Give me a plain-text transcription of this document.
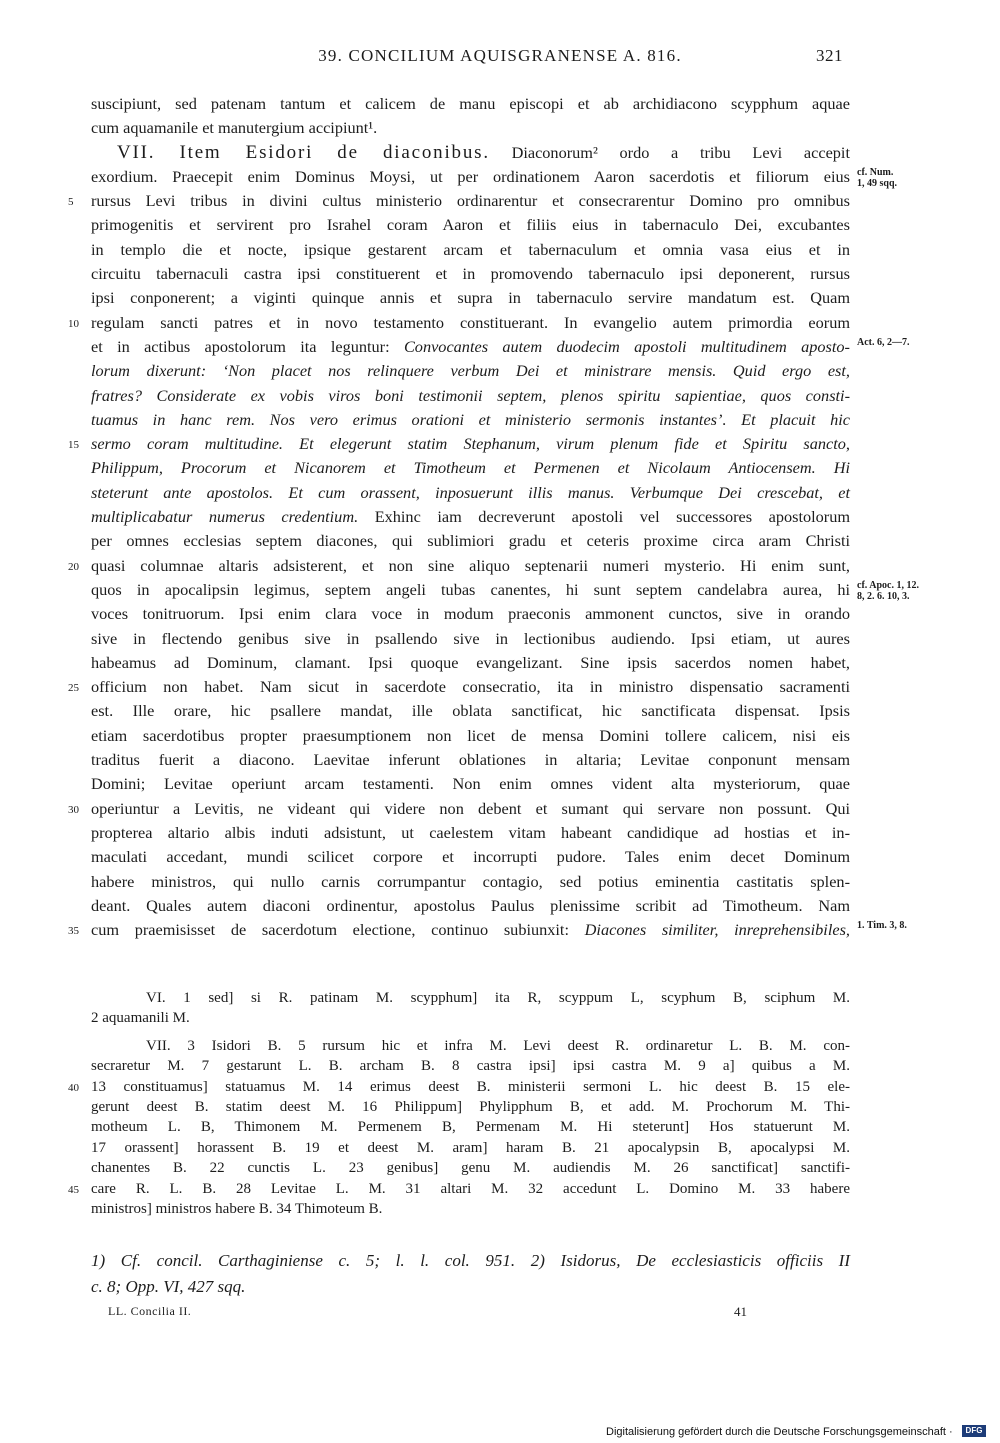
39. CONCILIUM AQUISGRANENSE A. 816.	321
suscipiunt, sed patenam tantum et calicem de manu episcopi et ab archidiacono scypphum aquae
cum aquamanile et manutergium accipiunt¹.
VII. Item Esidori de diaconibus. Diaconorum² ordo a tribu Levi accepit
exordium. Praecepit enim Dominus Moysi, ut per ordinationem Aaron sacerdotis et filiorum eius
5 rursus Levi tribus in divini cultus ministerio ordinarentur et consecrarentur Domino pro omnibus
primogenitis et servirent pro Israhel coram Aaron et filiis eius in tabernaculo Dei, excubantes
in templo die et nocte, ipsique gestarent arcam et tabernaculum et omnia vasa eius et in
circuitu tabernaculi castra ipsi constituerent et in promovendo tabernaculo ipsi deponerent, rursus
ipsi conponerent; a viginti quinque annis et supra in tabernaculo servire mandatum est. Quam
10 regulam sancti patres et in novo testamento constituerant. In evangelio autem primordia eorum
et in actibus apostolorum ita leguntur: Convocantes autem duodecim apostoli multitudinem aposto-
lorum dixerunt: ‘Non placet nos relinquere verbum Dei et ministrare mensis. Quid ergo est,
fratres? Considerate ex vobis viros boni testimonii septem, plenos spiritu sapientiae, quos consti-
tuamus in hanc rem. Nos vero erimus orationi et ministerio sermonis instantes’. Et placuit hic
15 sermo coram multitudine. Et elegerunt statim Stephanum, virum plenum fide et Spiritu sancto,
Philippum, Procorum et Nicanorem et Timotheum et Permenen et Nicolaum Antiocensem. Hi
steterunt ante apostolos. Et cum orassent, inposuerunt illis manus. Verbumque Dei crescebat, et
multiplicabatur numerus credentium. Exhinc iam decreverunt apostoli vel successores apostolorum
per omnes ecclesias septem diacones, qui sublimiori gradu et ceteris proxime circa aram Christi
20 quasi columnae altaris adsisterent, et non sine aliquo septenarii numeri mysterio. Hi enim sunt,
quos in apocalipsin legimus, septem angeli tubas canentes, hi sunt septem candelabra aurea, hi
voces tonitruorum. Ipsi enim clara voce in modum praeconis ammonent cunctos, sive in orando
sive in flectendo genibus sive in psallendo sive in lectionibus audiendo. Ipsi etiam, ut aures
habeamus ad Dominum, clamant. Ipsi quoque evangelizant. Sine ipsis sacerdos nomen habet,
25 officium non habet. Nam sicut in sacerdote consecratio, ita in ministro dispensatio sacramenti
est. Ille orare, hic psallere mandat, ille oblata sanctificat, hic sanctificata dispensat. Ipsis
etiam sacerdotibus propter praesumptionem non licet de mensa Domini tollere calicem, nisi eis
traditus fuerit a diacono. Laevitae inferunt oblationes in altaria; Levitae conponunt mensam
Domini; Levitae operiunt arcam testamenti. Non enim omnes vident alta mysteriorum, quae
30 operiuntur a Levitis, ne videant qui videre non debent et sumant qui servare non possunt. Qui
propterea altario albis induti adsistunt, ut caelestem vitam habeant candidique ad hostias et in-
maculati accedant, mundi scilicet corpore et incorrupti pudore. Tales enim decet Dominum
habere ministros, qui nullo carnis corrumpantur contagio, sed potius eminentia castitatis splen-
deant. Quales autem diaconi ordinentur, apostolus Paulus plenissime scribit ad Timotheum. Nam
35 cum praemisisset de sacerdotum electione, continuo subiunxit: Diacones similiter, inreprehensibiles,
cf. Num.
1, 49 sqq.
Act. 6, 2—7.
cf. Apoc. 1, 12.
8, 2. 6. 10, 3.
1. Tim. 3, 8.
VI. 1 sed] si R. patinam M. scypphum] ita R, scyppum L, scyphum B, sciphum M.
2 aquamanili M.
VII. 3 Isidori B. 5 rursum hic et infra M. Levi deest R. ordinaretur L. B. M. con-
secraretur M. 7 gestarunt L. B. archam B. 8 castra ipsi] ipsi castra M. 9 a] quibus a M.
40 13 constituamus] statuamus M. 14 erimus deest B. ministerii sermoni L. hic deest B. 15 ele-
gerunt deest B. statim deest M. 16 Philippum] Phylipphum B, et add. M. Prochorum M. Thi-
motheum L. B, Thimonem M. Permenem B, Permenam M. Hi steterunt] Hos statuerunt M.
17 orassent] horassent B. 19 et deest M. aram] haram B. 21 apocalypsin B, apocalypsi M.
chanentes B. 22 cunctis L. 23 genibus] genu M. audiendis M. 26 sanctificat] sanctifi-
45 care R. L. B. 28 Levitae L. M. 31 altari M. 32 accedunt L. Domino M. 33 habere
ministros] ministros habere B. 34 Thimoteum B.
1) Cf. concil. Carthaginiense c. 5; l. l. col. 951. 2) Isidorus, De ecclesiasticis officiis II
c. 8; Opp. VI, 427 sqq.
LL. Concilia II.	41
Digitalisierung gefördert durch die Deutsche Forschungsgemeinschaft ·	DFG
